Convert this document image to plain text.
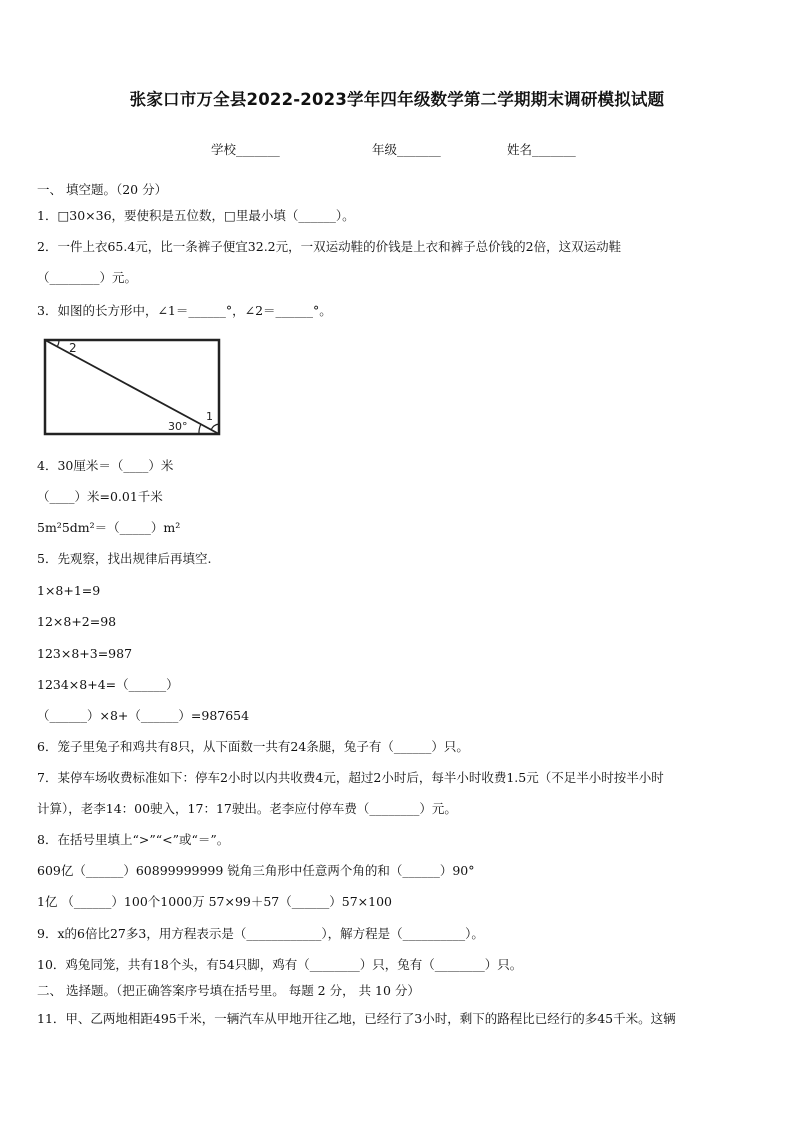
张家口市万全县2022-2023学年四年级数学第二学期期末调研模拟试题
学校_______	年级_______	姓名_______
一、 填空题。（20 分）
1．□30×36，要使积是五位数，□里最小填（______）。
2．一件上衣65.4元，比一条裤子便宜32.2元，一双运动鞋的价钱是上衣和裤子总价钱的2倍，这双运动鞋
（________）元。
3．如图的长方形中，∠1＝______°，∠2＝______°。
2
1
30°
4．30厘米＝（____）米
（____）米=0.01千米
5m²5dm²＝（_____）m²
5．先观察，找出规律后再填空.
1×8+1=9
12×8+2=98
123×8+3=987
1234×8+4=（______）
（______）×8+（______）=987654
6．笼子里兔子和鸡共有8只，从下面数一共有24条腿，兔子有（______）只。
7．某停车场收费标准如下：停车2小时以内共收费4元，超过2小时后，每半小时收费1.5元（不足半小时按半小时
计算），老李14：00驶入，17：17驶出。老李应付停车费（________）元。
8．在括号里填上“>”“<”或“＝”。
609亿（______）60899999999 锐角三角形中任意两个角的和（______）90°
1亿 （______）100个1000万 57×99＋57（______）57×100
9．x的6倍比27多3，用方程表示是（____________），解方程是（__________）。
10．鸡兔同笼，共有18个头，有54只脚，鸡有（________）只，兔有（________）只。
二、 选择题。（把正确答案序号填在括号里。 每题 2 分， 共 10 分）
11．甲、乙两地相距495千米，一辆汽车从甲地开往乙地，已经行了3小时，剩下的路程比已经行的多45千米。这辆
